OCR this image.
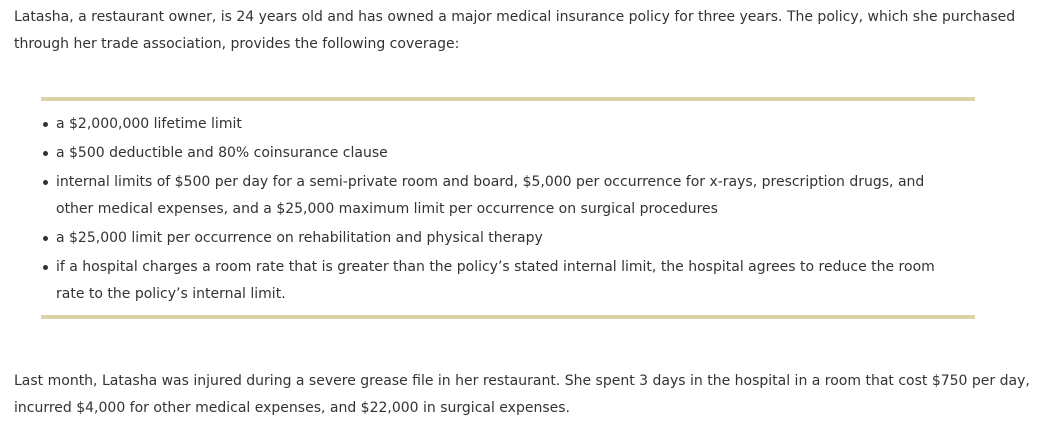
Latasha, a restaurant owner, is 24 years old and has owned a major medical insurance policy for three years. The policy, which she purchased through her trade association, provides the following coverage:

a $2,000,000 lifetime limit
a $500 deductible and 80% coinsurance clause
internal limits of $500 per day for a semi-private room and board, $5,000 per occurrence for x-rays, prescription drugs, and other medical expenses, and a $25,000 maximum limit per occurrence on surgical procedures
a $25,000 limit per occurrence on rehabilitation and physical therapy
if a hospital charges a room rate that is greater than the policy’s stated internal limit, the hospital agrees to reduce the room rate to the policy’s internal limit.

Last month, Latasha was injured during a severe grease file in her restaurant. She spent 3 days in the hospital in a room that cost $750 per day, incurred $4,000 for other medical expenses, and $22,000 in surgical expenses.
